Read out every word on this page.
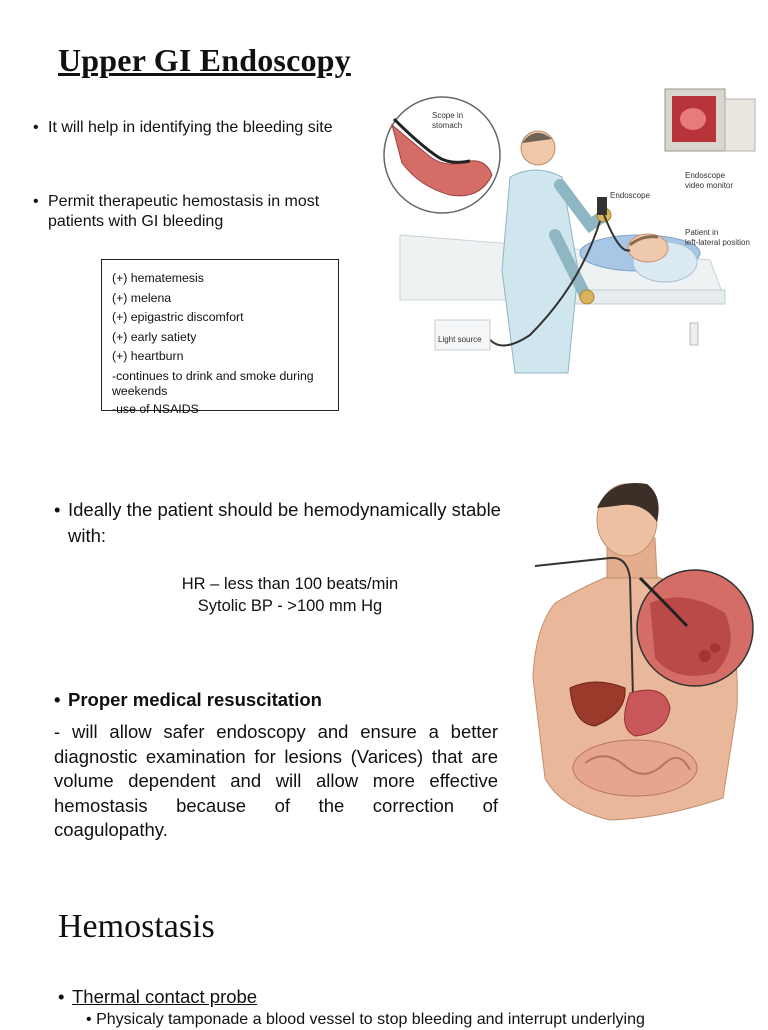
Upper GI Endoscopy
• It will help in identifying the bleeding site
• Permit therapeutic hemostasis in most patients with GI bleeding
(+) hematemesis
(+) melena
(+) epigastric discomfort
(+) early satiety
(+) heartburn
-continues to drink and smoke during weekends
-use of NSAIDS
Scope in
stomach
Endoscope
Endoscope
video monitor
Patient in
left-lateral position
Light source
• Ideally the patient should be hemodynamically stable with:
HR – less than 100 beats/min
Sytolic BP - >100 mm Hg
• Proper medical resuscitation
- will allow safer endoscopy and ensure a better diagnostic examination for lesions (Varices) that are volume dependent and will allow more effective hemostasis because of the correction of coagulopathy.
Hemostasis
• Thermal contact probe
• Physicaly tamponade a blood vessel to stop bleeding and interrupt underlying
